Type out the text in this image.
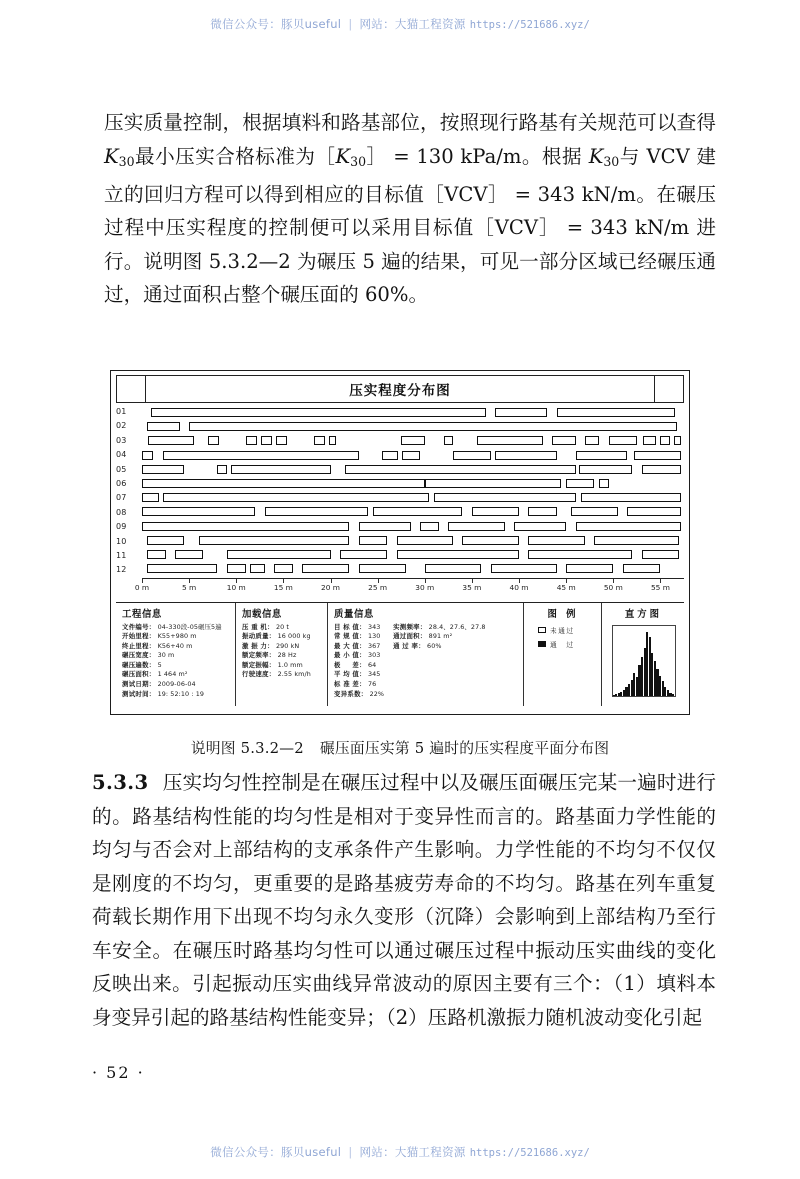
微信公众号：豚贝useful | 网站：大猫工程资源 https://521686.xyz/

压实质量控制，根据填料和路基部位，按照现行路基有关规范可以查得 $K_{30}$最小压实合格标准为$[K_{30}] = 130$ kPa/m。根据 $K_{30}$与 VCV 建立的回归方程可以得到相应的目标值［VCV］ = 343 kN/m。在碾压过程中压实程度的控制便可以采用目标值［VCV］ = 343 kN/m 进行。说明图 5.3.2—2 为碾压 5 遍的结果，可见一部分区域已经碾压通过，通过面积占整个碾压面的 60%。

压实程度分布图
01
02
03
04
05
06
07
08
09
10
11
12
0 m	5 m	10 m	15 m	20 m	25 m	30 m	35 m	40 m	45 m	50 m	55 m
工程信息
文件编号： 04-330段-05碾压5遍
开始里程： K55+980 m
终止里程： K56+40 m
碾压宽度： 30 m
碾压遍数： 5
碾压面积： 1 464 m²
测试日期： 2009-06-04
测试时间： 19: 52:10 : 19
加载信息
压 重 机： 20 t
振动质量： 16 000 kg
激 振 力： 290 kN
额定频率： 28 Hz
额定振幅： 1.0 mm
行驶速度： 2.55 km/h
质量信息
目 标 值： 343
常 规 值： 130
最 大 值： 367
最 小 值： 303
极 　 差： 64
平 均 值： 345
标 准 差： 76
变异系数： 22%
实测频率： 28.4、27.6、27.8
通过面积： 891 m²
通 过 率： 60%
图 例
未通过
通　过
直方图
说明图 5.3.2—2 碾压面压实第 5 遍时的压实程度平面分布图

5.3.3 压实均匀性控制是在碾压过程中以及碾压面碾压完某一遍时进行的。路基结构性能的均匀性是相对于变异性而言的。路基面力学性能的均匀与否会对上部结构的支承条件产生影响。力学性能的不均匀不仅仅是刚度的不均匀，更重要的是路基疲劳寿命的不均匀。路基在列车重复荷载长期作用下出现不均匀永久变形（沉降）会影响到上部结构乃至行车安全。在碾压时路基均匀性可以通过碾压过程中振动压实曲线的变化反映出来。引起振动压实曲线异常波动的原因主要有三个：（1）填料本身变异引起的路基结构性能变异；（2）压路机激振力随机波动变化引起

· 52 ·
微信公众号：豚贝useful | 网站：大猫工程资源 https://521686.xyz/
